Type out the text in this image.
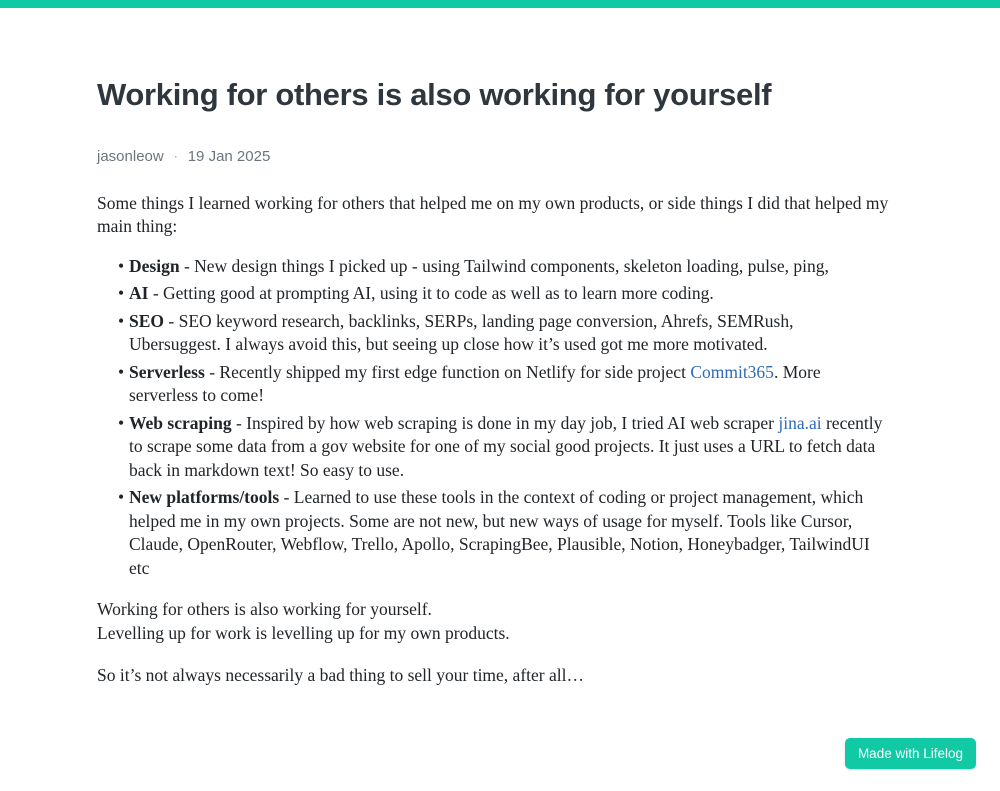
Working for others is also working for yourself
jasonleow · 19 Jan 2025

Some things I learned working for others that helped me on my own products, or side things I did that helped my main thing:

• Design - New design things I picked up - using Tailwind components, skeleton loading, pulse, ping,
• AI - Getting good at prompting AI, using it to code as well as to learn more coding.
• SEO - SEO keyword research, backlinks, SERPs, landing page conversion, Ahrefs, SEMRush, Ubersuggest. I always avoid this, but seeing up close how it’s used got me more motivated.
• Serverless - Recently shipped my first edge function on Netlify for side project Commit365. More serverless to come!
• Web scraping - Inspired by how web scraping is done in my day job, I tried AI web scraper jina.ai recently to scrape some data from a gov website for one of my social good projects. It just uses a URL to fetch data back in markdown text! So easy to use.
• New platforms/tools - Learned to use these tools in the context of coding or project management, which helped me in my own projects. Some are not new, but new ways of usage for myself. Tools like Cursor, Claude, OpenRouter, Webflow, Trello, Apollo, ScrapingBee, Plausible, Notion, Honeybadger, TailwindUI etc

Working for others is also working for yourself.
Levelling up for work is levelling up for my own products.

So it’s not always necessarily a bad thing to sell your time, after all…

Made with Lifelog
